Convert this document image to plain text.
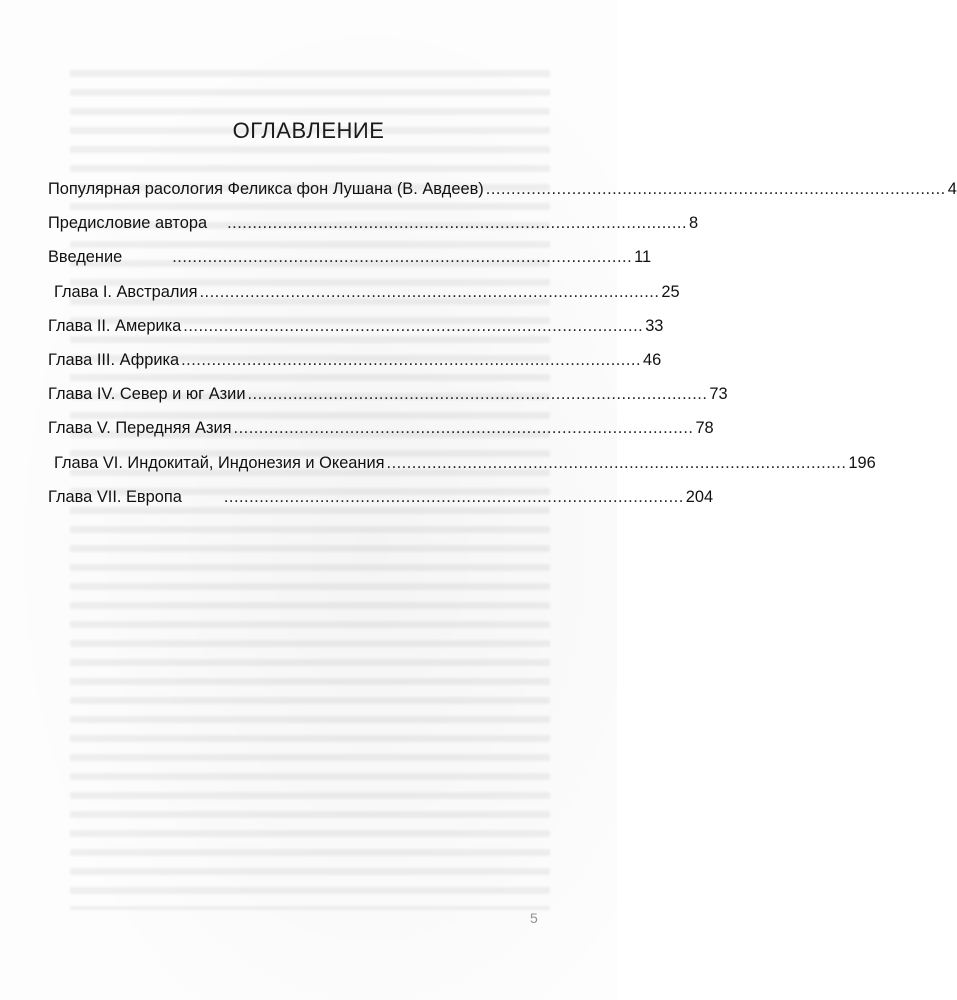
ОГЛАВЛЕНИЕ
Популярная расология Феликса фон Лушана (В. Авдеев) ........................................................................................... 4
Предисловие автора ........................................................................................... 8
Введение	........................................................................................... 11
Глава I. Австралия ........................................................................................... 25
Глава II. Америка ........................................................................................... 33
Глава III. Африка ........................................................................................... 46
Глава IV. Север и юг Азии ........................................................................................... 73
Глава V. Передняя Азия ........................................................................................... 78
Глава VI. Индокитай, Индонезия и Океания ........................................................................................... 196
Глава VII. Европа	........................................................................................... 204
5
